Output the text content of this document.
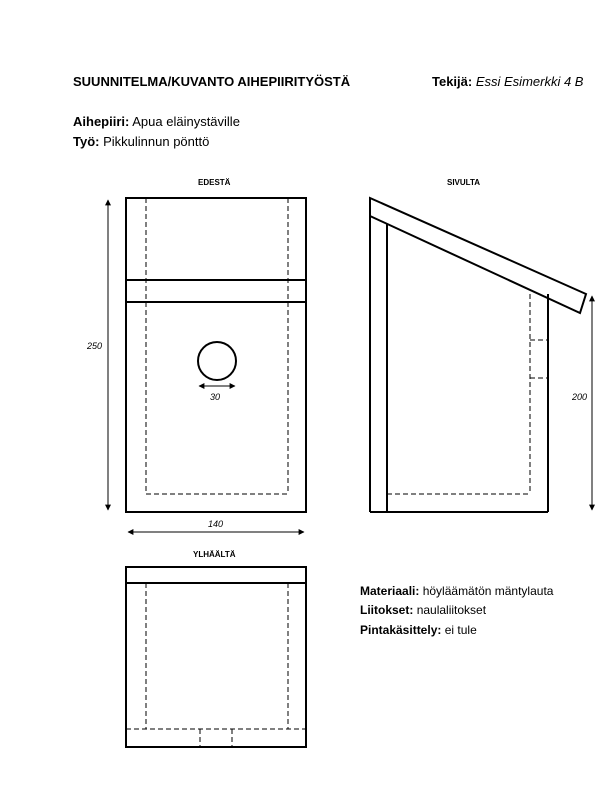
SUUNNITELMA/KUVANTO AIHEPIIRITYÖSTÄ	Tekijä: Essi Esimerkki 4 B
Aihepiiri: Apua eläinystäville
Työ: Pikkulinnun pönttö
EDESTÄ	SIVULTA
YLHÄÄLTÄ
250
140
30	200
Materiaali: höyläämätön mäntylauta
Liitokset: naulaliitokset
Pintakäsittely: ei tule
